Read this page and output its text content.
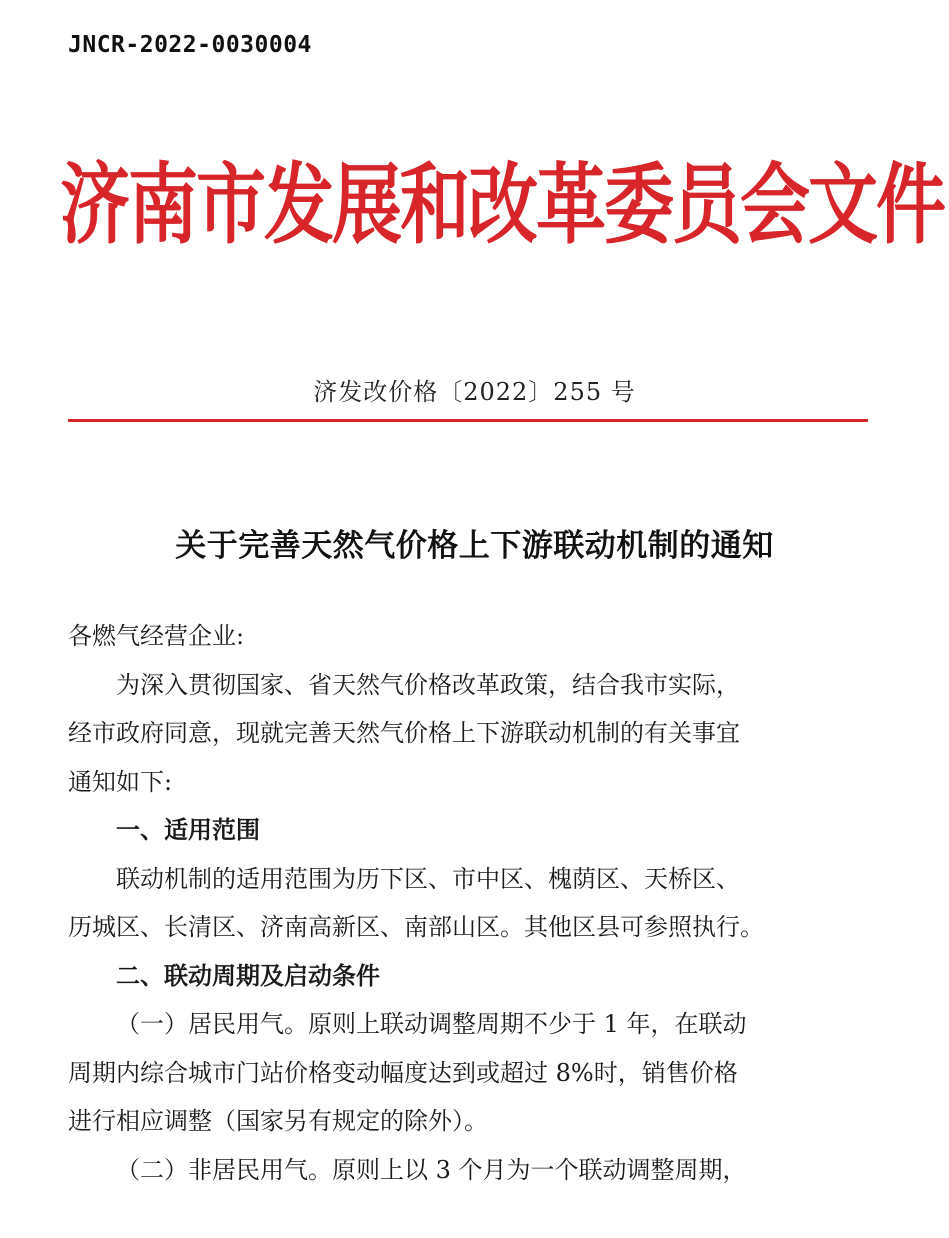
JNCR-2022-0030004
济南市发展和改革委员会文件
济发改价格〔2022〕255 号
关于完善天然气价格上下游联动机制的通知

各燃气经营企业:

为深入贯彻国家、省天然气价格改革政策，结合我市实际，
经市政府同意，现就完善天然气价格上下游联动机制的有关事宜
通知如下:

一、适用范围

联动机制的适用范围为历下区、市中区、槐荫区、天桥区、
历城区、长清区、济南高新区、南部山区。其他区县可参照执行。

二、联动周期及启动条件

（一）居民用气。原则上联动调整周期不少于 1 年，在联动
周期内综合城市门站价格变动幅度达到或超过 8%时，销售价格
进行相应调整（国家另有规定的除外）。

（二）非居民用气。原则上以 3 个月为一个联动调整周期，
